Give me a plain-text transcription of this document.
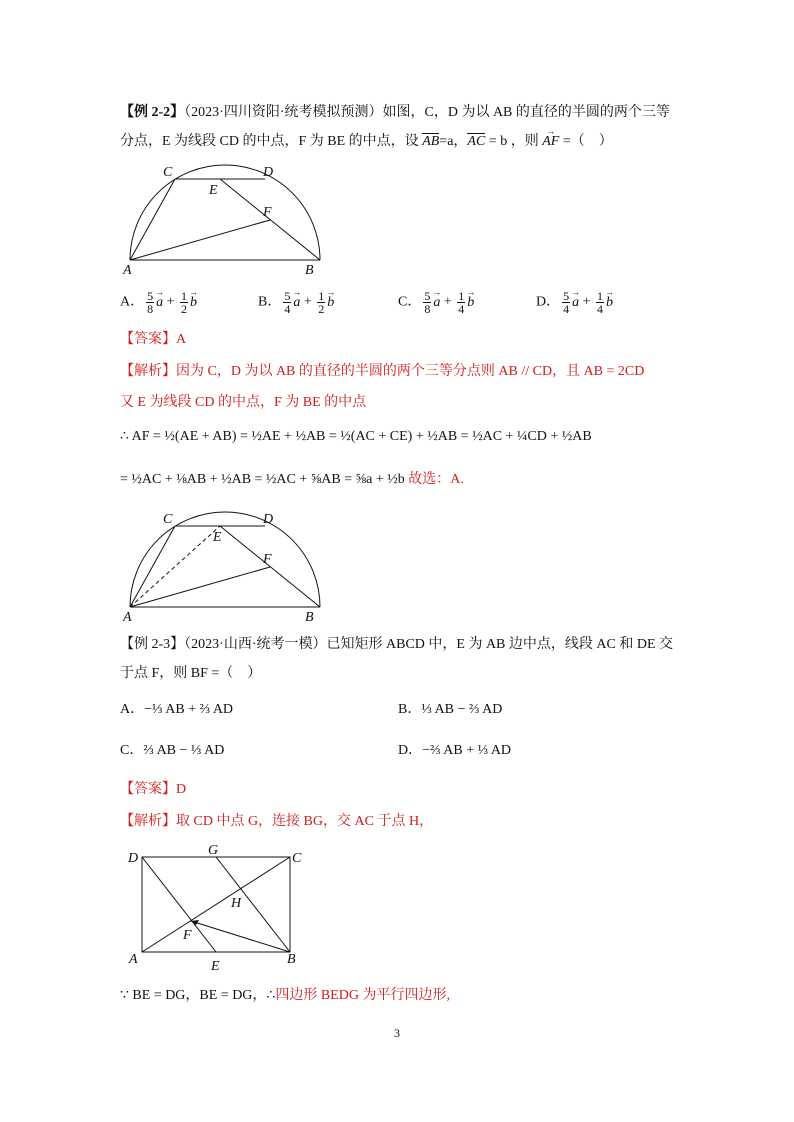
【例 2-2】（2023·四川资阳·统考模拟预测）如图，C，D 为以 AB 的直径的半圆的两个三等
分点，E 为线段 CD 的中点，F 为 BE 的中点，设 AB=a，AC = b ，则 → AF =（　）
C	D
E
F
A	B
A． $\frac{5}{8}$
→ $a + \frac{1}{2}$
→ b	B． $\frac{5}{4}$
→ $a + \frac{1}{2}$
→ b	C． $\frac{5}{8}$
→ $a + \frac{1}{4}$
→ b	D． $\frac{5}{4}$
→ $a + \frac{1}{4}$
→ b
【答案】A
【解析】因为 C，D 为以 AB 的直径的半圆的两个三等分点则 AB // CD，且 AB = 2CD
又 E 为线段 CD 的中点，F 为 BE 的中点
∴ AF = ½(AE + AB) = ½AE + ½AB = ½(AC + CE) + ½AB = ½AC + ¼CD + ½AB
= ½AC + ⅛AB + ½AB = ½AC + ⅝AB = ⅝a + ½b 故选：A.
C	D
E
F
A	B
【例 2-3】（2023·山西·统考一模）已知矩形 ABCD 中，E 为 AB 边中点，线段 AC 和 DE 交
于点 F，则 BF =（　）
A．−⅓ AB + ⅔ AD	B．⅓ AB − ⅔ AD
C．⅔ AB − ⅓ AD	D．−⅔ AB + ⅓ AD
【答案】D
【解析】取 CD 中点 G，连接 BG，交 AC 于点 H，
D
G
C
H
F
A	E	B
∵ BE = DG，BE = DG，∴四边形 BEDG 为平行四边形,
3
